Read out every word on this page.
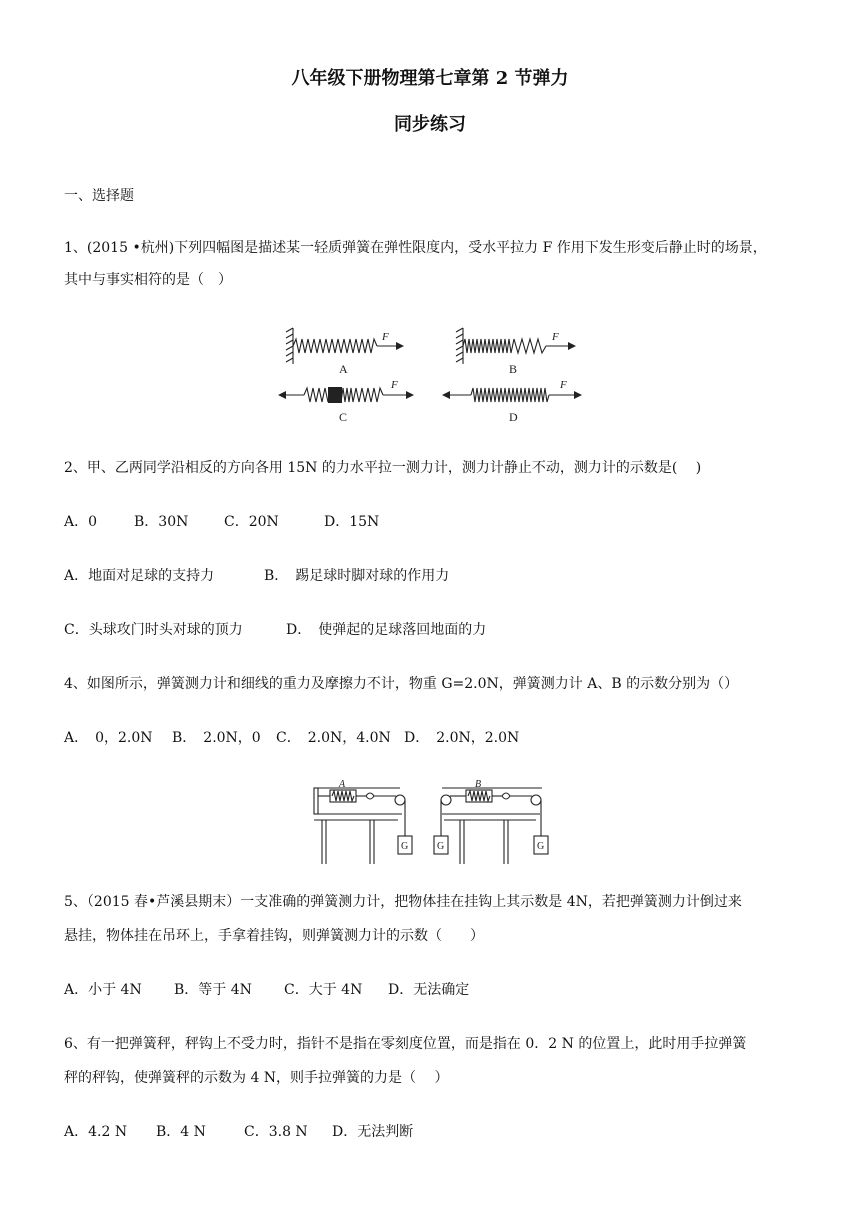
八年级下册物理第七章第 2 节弹力
同步练习
一、选择题
1、(2015 •杭州)下列四幅图是描述某一轻质弹簧在弹性限度内，受水平拉力 F 作用下发生形变后静止时的场景，
其中与事实相符的是（　）
F	F
F	F
A	B
C	D
2、甲、乙两同学沿相反的方向各用 15N 的力水平拉一测力计，测力计静止不动，测力计的示数是(　 )
A．0	B．30N	C．20N	D．15N
A．地面对足球的支持力	B．　踢足球时脚对球的作用力
C．头球攻门时头对球的顶力	D．　使弹起的足球落回地面的力
4、如图所示，弹簧测力计和细线的重力及摩擦力不计，物重 G=2.0N，弹簧测力计 A、B 的示数分别为（）
A．　0，2.0N B．　2.0N，0 C．　2.0N，4.0N D．　2.0N，2.0N
A	B
G	G	G
5、（2015 春•芦溪县期末）一支准确的弹簧测力计，把物体挂在挂钩上其示数是 4N，若把弹簧测力计倒过来
悬挂，物体挂在吊环上，手拿着挂钩，则弹簧测力计的示数（　　）
A．小于 4N B．等于 4N C．大于 4N D．无法确定
6、有一把弹簧秤，秤钩上不受力时，指针不是指在零刻度位置，而是指在 0．2 N 的位置上，此时用手拉弹簧
秤的秤钩，使弹簧秤的示数为 4 N，则手拉弹簧的力是（　 ）
A．4.2 N B．4 N	C．3.8 N D．无法判断
